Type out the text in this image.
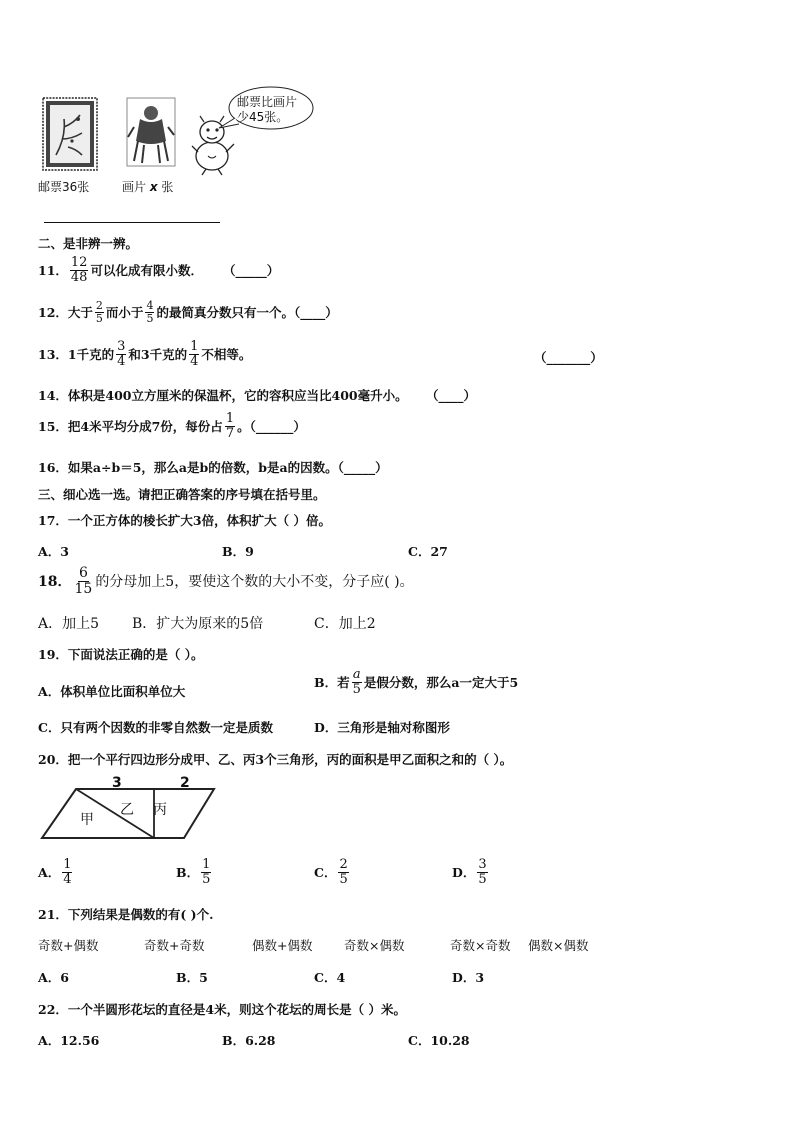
邮票36张	画片 x 张
邮票比画片
少45张。
二、是非辨一辨。
11． $\frac{12}{48}$ 可以化成有限小数． （_____）
12． 大于 $\frac{2}{5}$ 而小于 $\frac{4}{5}$ 的最简真分数只有一个。（____）
13． 1千克的 $\frac{3}{4}$ 和3千克的 $\frac{1}{4}$ 不相等。	（_______）
14．体积是400立方厘米的保温杯，它的容积应当比400毫升小。 （____）
15． 把4米平均分成7份，每份占 $\frac{1}{7}$ 。（______）
16．如果a÷b＝5，那么a是b的倍数，b是a的因数。（_____）
三、细心选一选。请把正确答案的序号填在括号里。
17．一个正方体的棱长扩大3倍，体积扩大（ ）倍。
A．3	B．9	C．27
18． $\frac{6}{15}$ 的分母加上5，要使这个数的大小不变，分子应( )。
A．加上5 B．扩大为原来的5倍	C．加上2
19．下面说法正确的是（ ）。
A．体积单位比面积单位大
B．若 $\frac{a}{5}$ 是假分数，那么a一定大于5
C．只有两个因数的非零自然数一定是质数	D．三角形是轴对称图形
20．把一个平行四边形分成甲、乙、丙3个三角形，丙的面积是甲乙面积之和的（ ）。
3	2
甲
乙 丙
A． $\frac{1}{4}$	B． $\frac{1}{5}$	C． $\frac{2}{5}$	D． $\frac{3}{5}$
21．下列结果是偶数的有( )个.
奇数+偶数	奇数+奇数	偶数+偶数	奇数×偶数	奇数×奇数 偶数×偶数
A．6	B．5	C．4	D．3
22．一个半圆形花坛的直径是4米，则这个花坛的周长是（ ）米。
A．12.56	B．6.28	C．10.28
